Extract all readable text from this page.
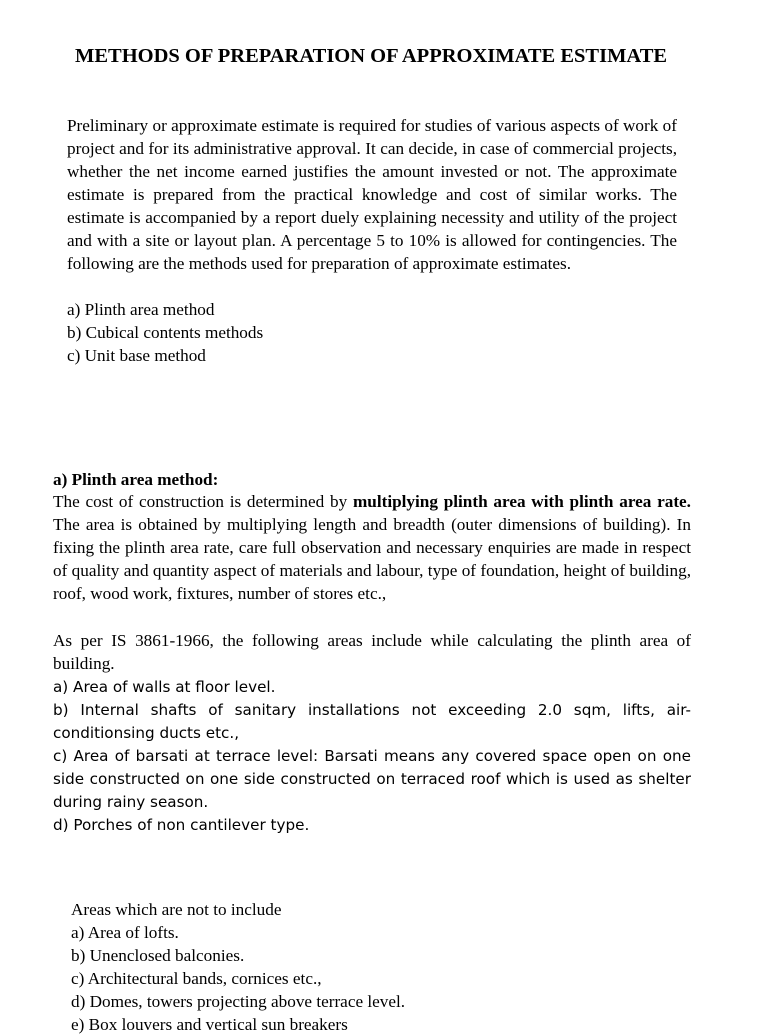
METHODS OF PREPARATION OF APPROXIMATE ESTIMATE

Preliminary or approximate estimate is required for studies of various aspects of work of project and for its administrative approval. It can decide, in case of commercial projects, whether the net income earned justifies the amount invested or not. The approximate estimate is prepared from the practical knowledge and cost of similar works. The estimate is accompanied by a report duely explaining necessity and utility of the project and with a site or layout plan. A percentage 5 to 10% is allowed for contingencies. The following are the methods used for preparation of approximate estimates.

a) Plinth area method
b) Cubical contents methods
c) Unit base method

a) Plinth area method:

The cost of construction is determined by multiplying plinth area with plinth area rate. The area is obtained by multiplying length and breadth (outer dimensions of building). In fixing the plinth area rate, care full observation and necessary enquiries are made in respect of quality and quantity aspect of materials and labour, type of foundation, height of building, roof, wood work, fixtures, number of stores etc.,

As per IS 3861-1966, the following areas include while calculating the plinth area of building.

a) Area of walls at floor level.
b) Internal shafts of sanitary installations not exceeding 2.0 sqm, lifts, air-conditionsing ducts etc.,
c) Area of barsati at terrace level: Barsati means any covered space open on one side constructed on one side constructed on terraced roof which is used as shelter during rainy season.
d) Porches of non cantilever type.

Areas which are not to include

a) Area of lofts.
b) Unenclosed balconies.
c) Architectural bands, cornices etc.,
d) Domes, towers projecting above terrace level.
e) Box louvers and vertical sun breakers
